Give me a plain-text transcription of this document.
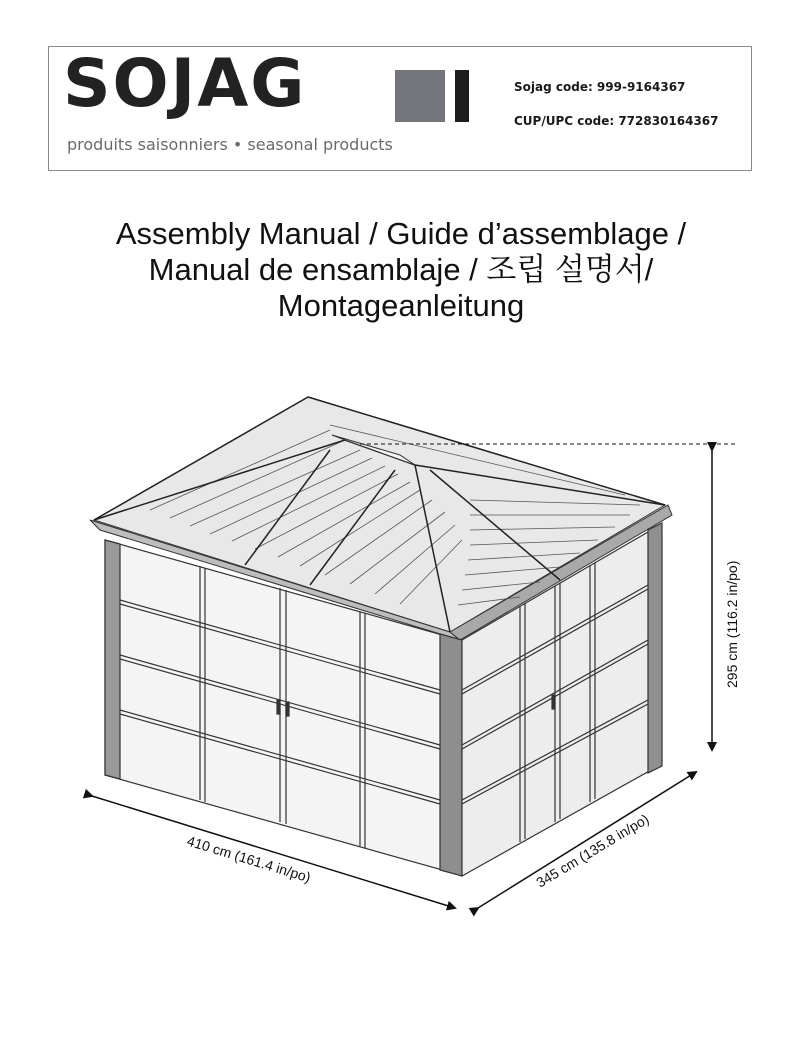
SOJAG
produits saisonniers • seasonal products
Sojag code: 999-9164367
CUP/UPC code: 772830164367
Assembly Manual / Guide d’assemblage /
Manual de ensamblaje / 조립 설명서/
Montageanleitung
295 cm (116.2 in/po)
410 cm (161.4 in/po)	345 cm (135.8 in/po)
